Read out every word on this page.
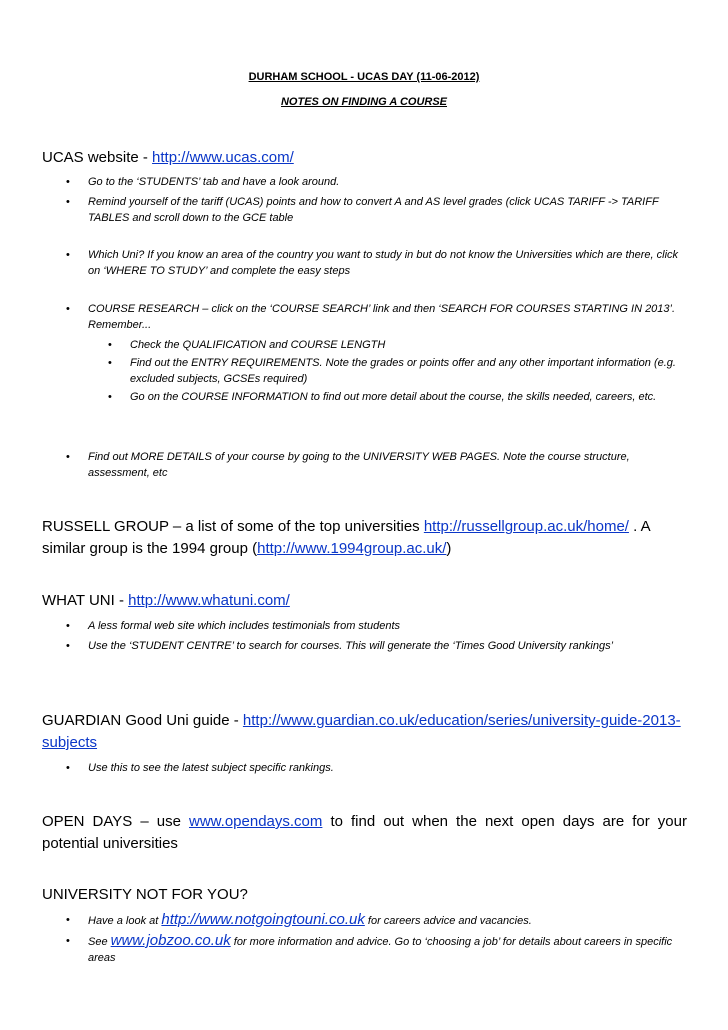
DURHAM SCHOOL - UCAS DAY (11-06-2012)
NOTES ON FINDING A COURSE
UCAS website - http://www.ucas.com/
• Go to the ‘STUDENTS’ tab and have a look around.
• Remind yourself of the tariff (UCAS) points and how to convert A and AS level grades (click UCAS TARIFF -> TARIFF TABLES and scroll down to the GCE table
• Which Uni? If you know an area of the country you want to study in but do not know the Universities which are there, click on ‘WHERE TO STUDY’ and complete the easy steps
• COURSE RESEARCH – click on the ‘COURSE SEARCH’ link and then ‘SEARCH FOR COURSES STARTING IN 2013’. Remember...
• Check the QUALIFICATION and COURSE LENGTH
• Find out the ENTRY REQUIREMENTS. Note the grades or points offer and any other important information (e.g. excluded subjects, GCSEs required)
• Go on the COURSE INFORMATION to find out more detail about the course, the skills needed, careers, etc.
• Find out MORE DETAILS of your course by going to the UNIVERSITY WEB PAGES. Note the course structure, assessment, etc
RUSSELL GROUP – a list of some of the top universities http://russellgroup.ac.uk/home/ . A similar group is the 1994 group (http://www.1994group.ac.uk/)
WHAT UNI - http://www.whatuni.com/
• A less formal web site which includes testimonials from students
• Use the ‘STUDENT CENTRE’ to search for courses. This will generate the ‘Times Good University rankings’
GUARDIAN Good Uni guide - http://www.guardian.co.uk/education/series/university-guide-2013-subjects
• Use this to see the latest subject specific rankings.
OPEN DAYS – use www.opendays.com to find out when the next open days are for your potential universities
UNIVERSITY NOT FOR YOU?
• Have a look at http://www.notgoingtouni.co.uk for careers advice and vacancies.
• See www.jobzoo.co.uk for more information and advice. Go to ‘choosing a job’ for details about careers in specific areas
